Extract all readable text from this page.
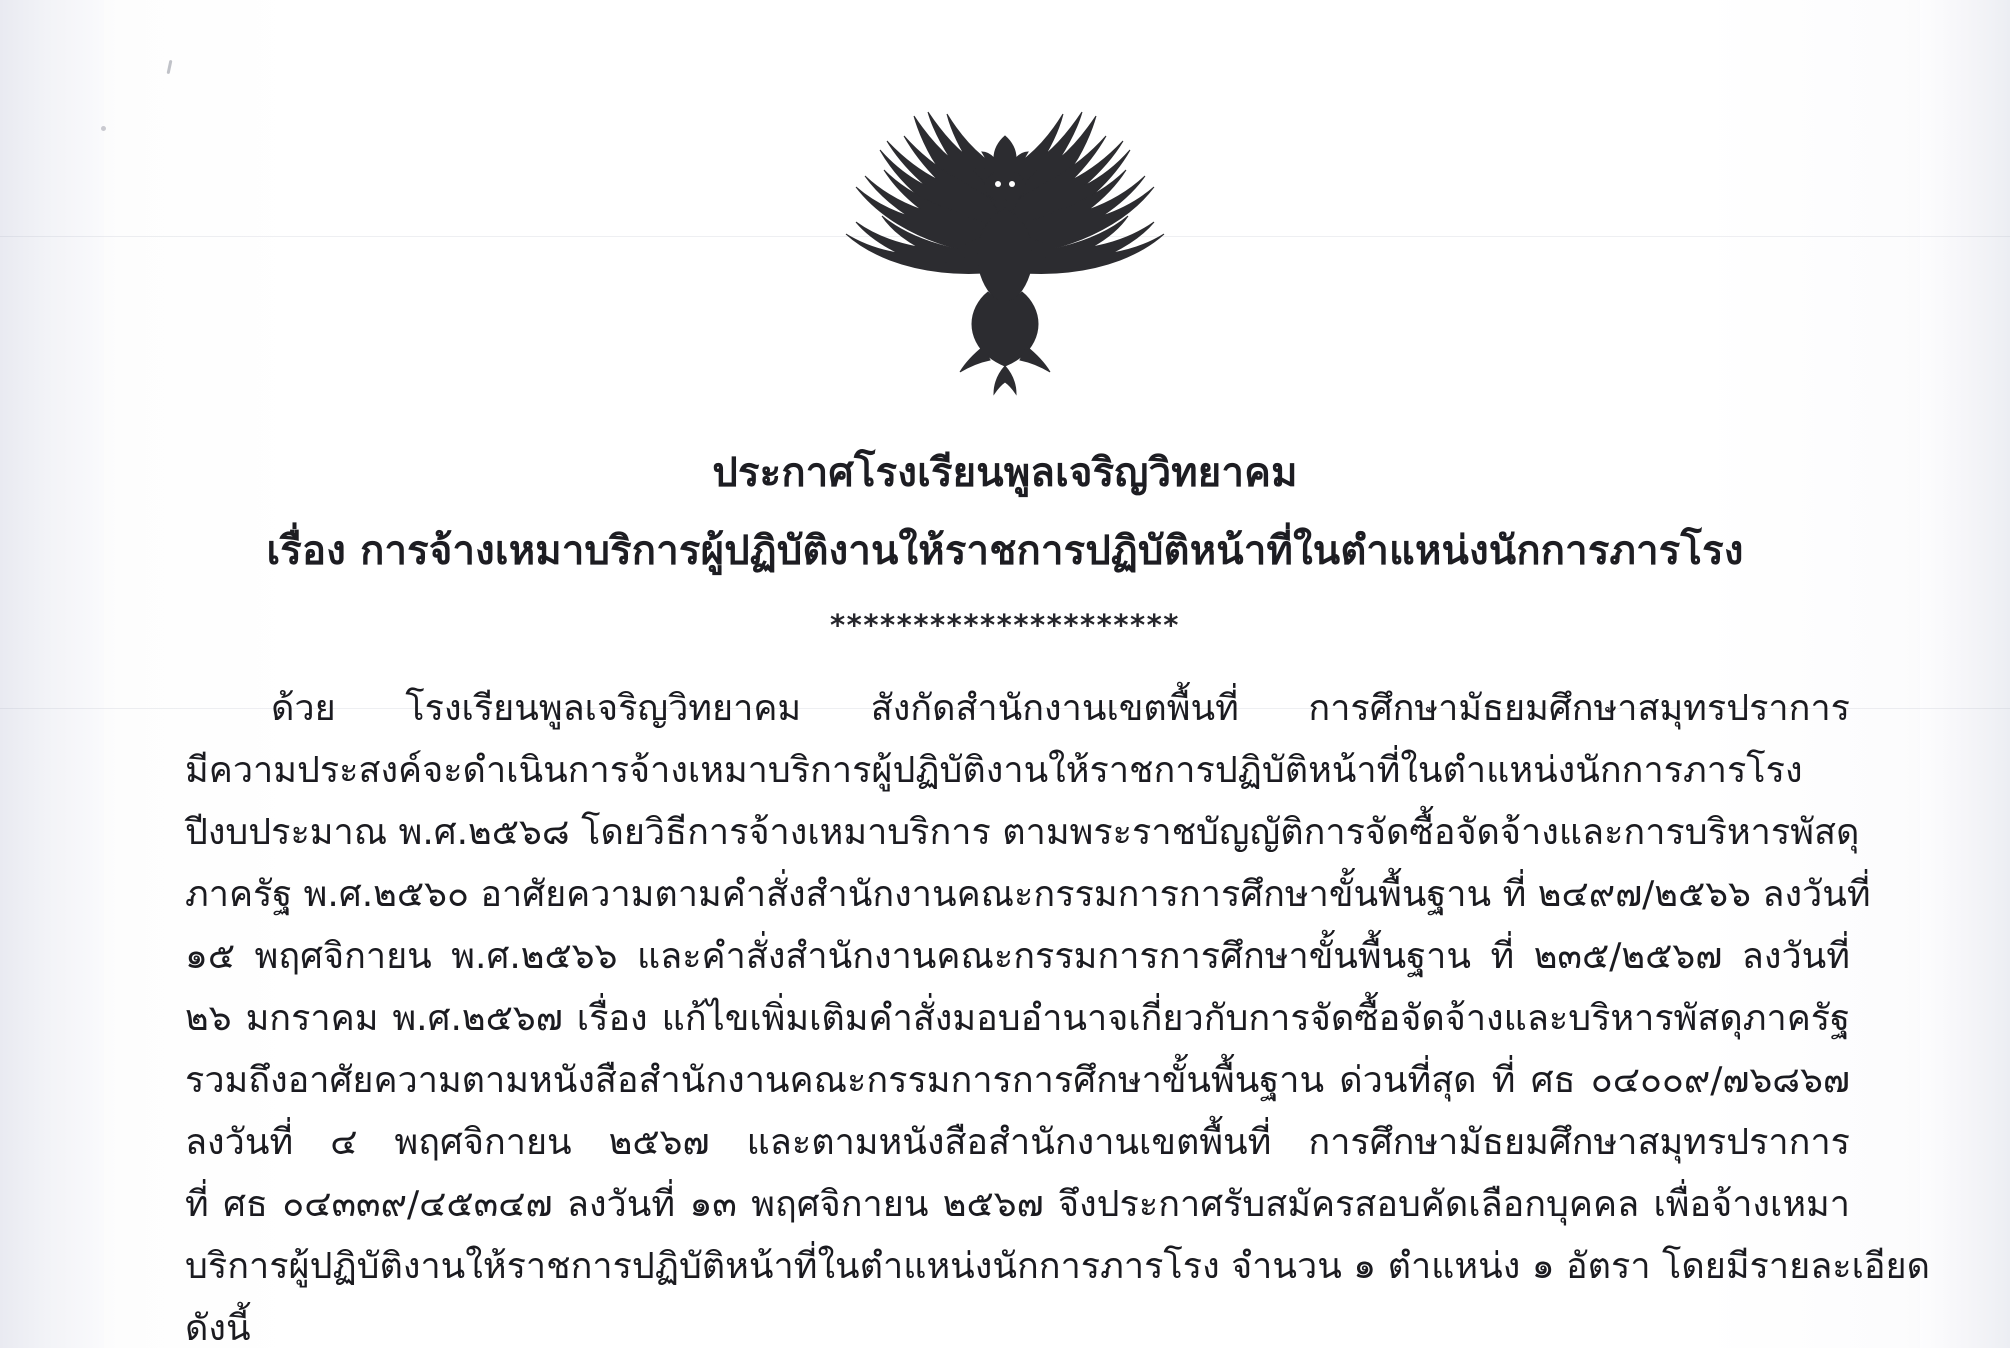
ประกาศโรงเรียนพูลเจริญวิทยาคม
เรื่อง การจ้างเหมาบริการผู้ปฏิบัติงานให้ราชการปฏิบัติหน้าที่ในตำแหน่งนักการภารโรง
*********************
ด้วย โรงเรียนพูลเจริญวิทยาคม สังกัดสำนักงานเขตพื้นที่ การศึกษามัธยมศึกษาสมุทรปราการ
มีความประสงค์จะดำเนินการจ้างเหมาบริการผู้ปฏิบัติงานให้ราชการปฏิบัติหน้าที่ในตำแหน่งนักการภารโรง
ปีงบประมาณ พ.ศ.๒๕๖๘ โดยวิธีการจ้างเหมาบริการ ตามพระราชบัญญัติการจัดซื้อจัดจ้างและการบริหารพัสดุ
ภาครัฐ พ.ศ.๒๕๖๐ อาศัยความตามคำสั่งสำนักงานคณะกรรมการการศึกษาขั้นพื้นฐาน ที่ ๒๔๙๗/๒๕๖๖ ลงวันที่
๑๕ พฤศจิกายน พ.ศ.๒๕๖๖ และคำสั่งสำนักงานคณะกรรมการการศึกษาขั้นพื้นฐาน ที่ ๒๓๕/๒๕๖๗ ลงวันที่
๒๖ มกราคม พ.ศ.๒๕๖๗ เรื่อง แก้ไขเพิ่มเติมคำสั่งมอบอำนาจเกี่ยวกับการจัดซื้อจัดจ้างและบริหารพัสดุภาครัฐ
รวมถึงอาศัยความตามหนังสือสำนักงานคณะกรรมการการศึกษาขั้นพื้นฐาน ด่วนที่สุด ที่ ศธ ๐๔๐๐๙/๗๖๘๖๗
ลงวันที่ ๔ พฤศจิกายน ๒๕๖๗ และตามหนังสือสำนักงานเขตพื้นที่ การศึกษามัธยมศึกษาสมุทรปราการ
ที่ ศธ ๐๔๓๓๙/๔๕๓๔๗ ลงวันที่ ๑๓ พฤศจิกายน ๒๕๖๗ จึงประกาศรับสมัครสอบคัดเลือกบุคคล เพื่อจ้างเหมา
บริการผู้ปฏิบัติงานให้ราชการปฏิบัติหน้าที่ในตำแหน่งนักการภารโรง จำนวน ๑ ตำแหน่ง ๑ อัตรา โดยมีรายละเอียด
ดังนี้
